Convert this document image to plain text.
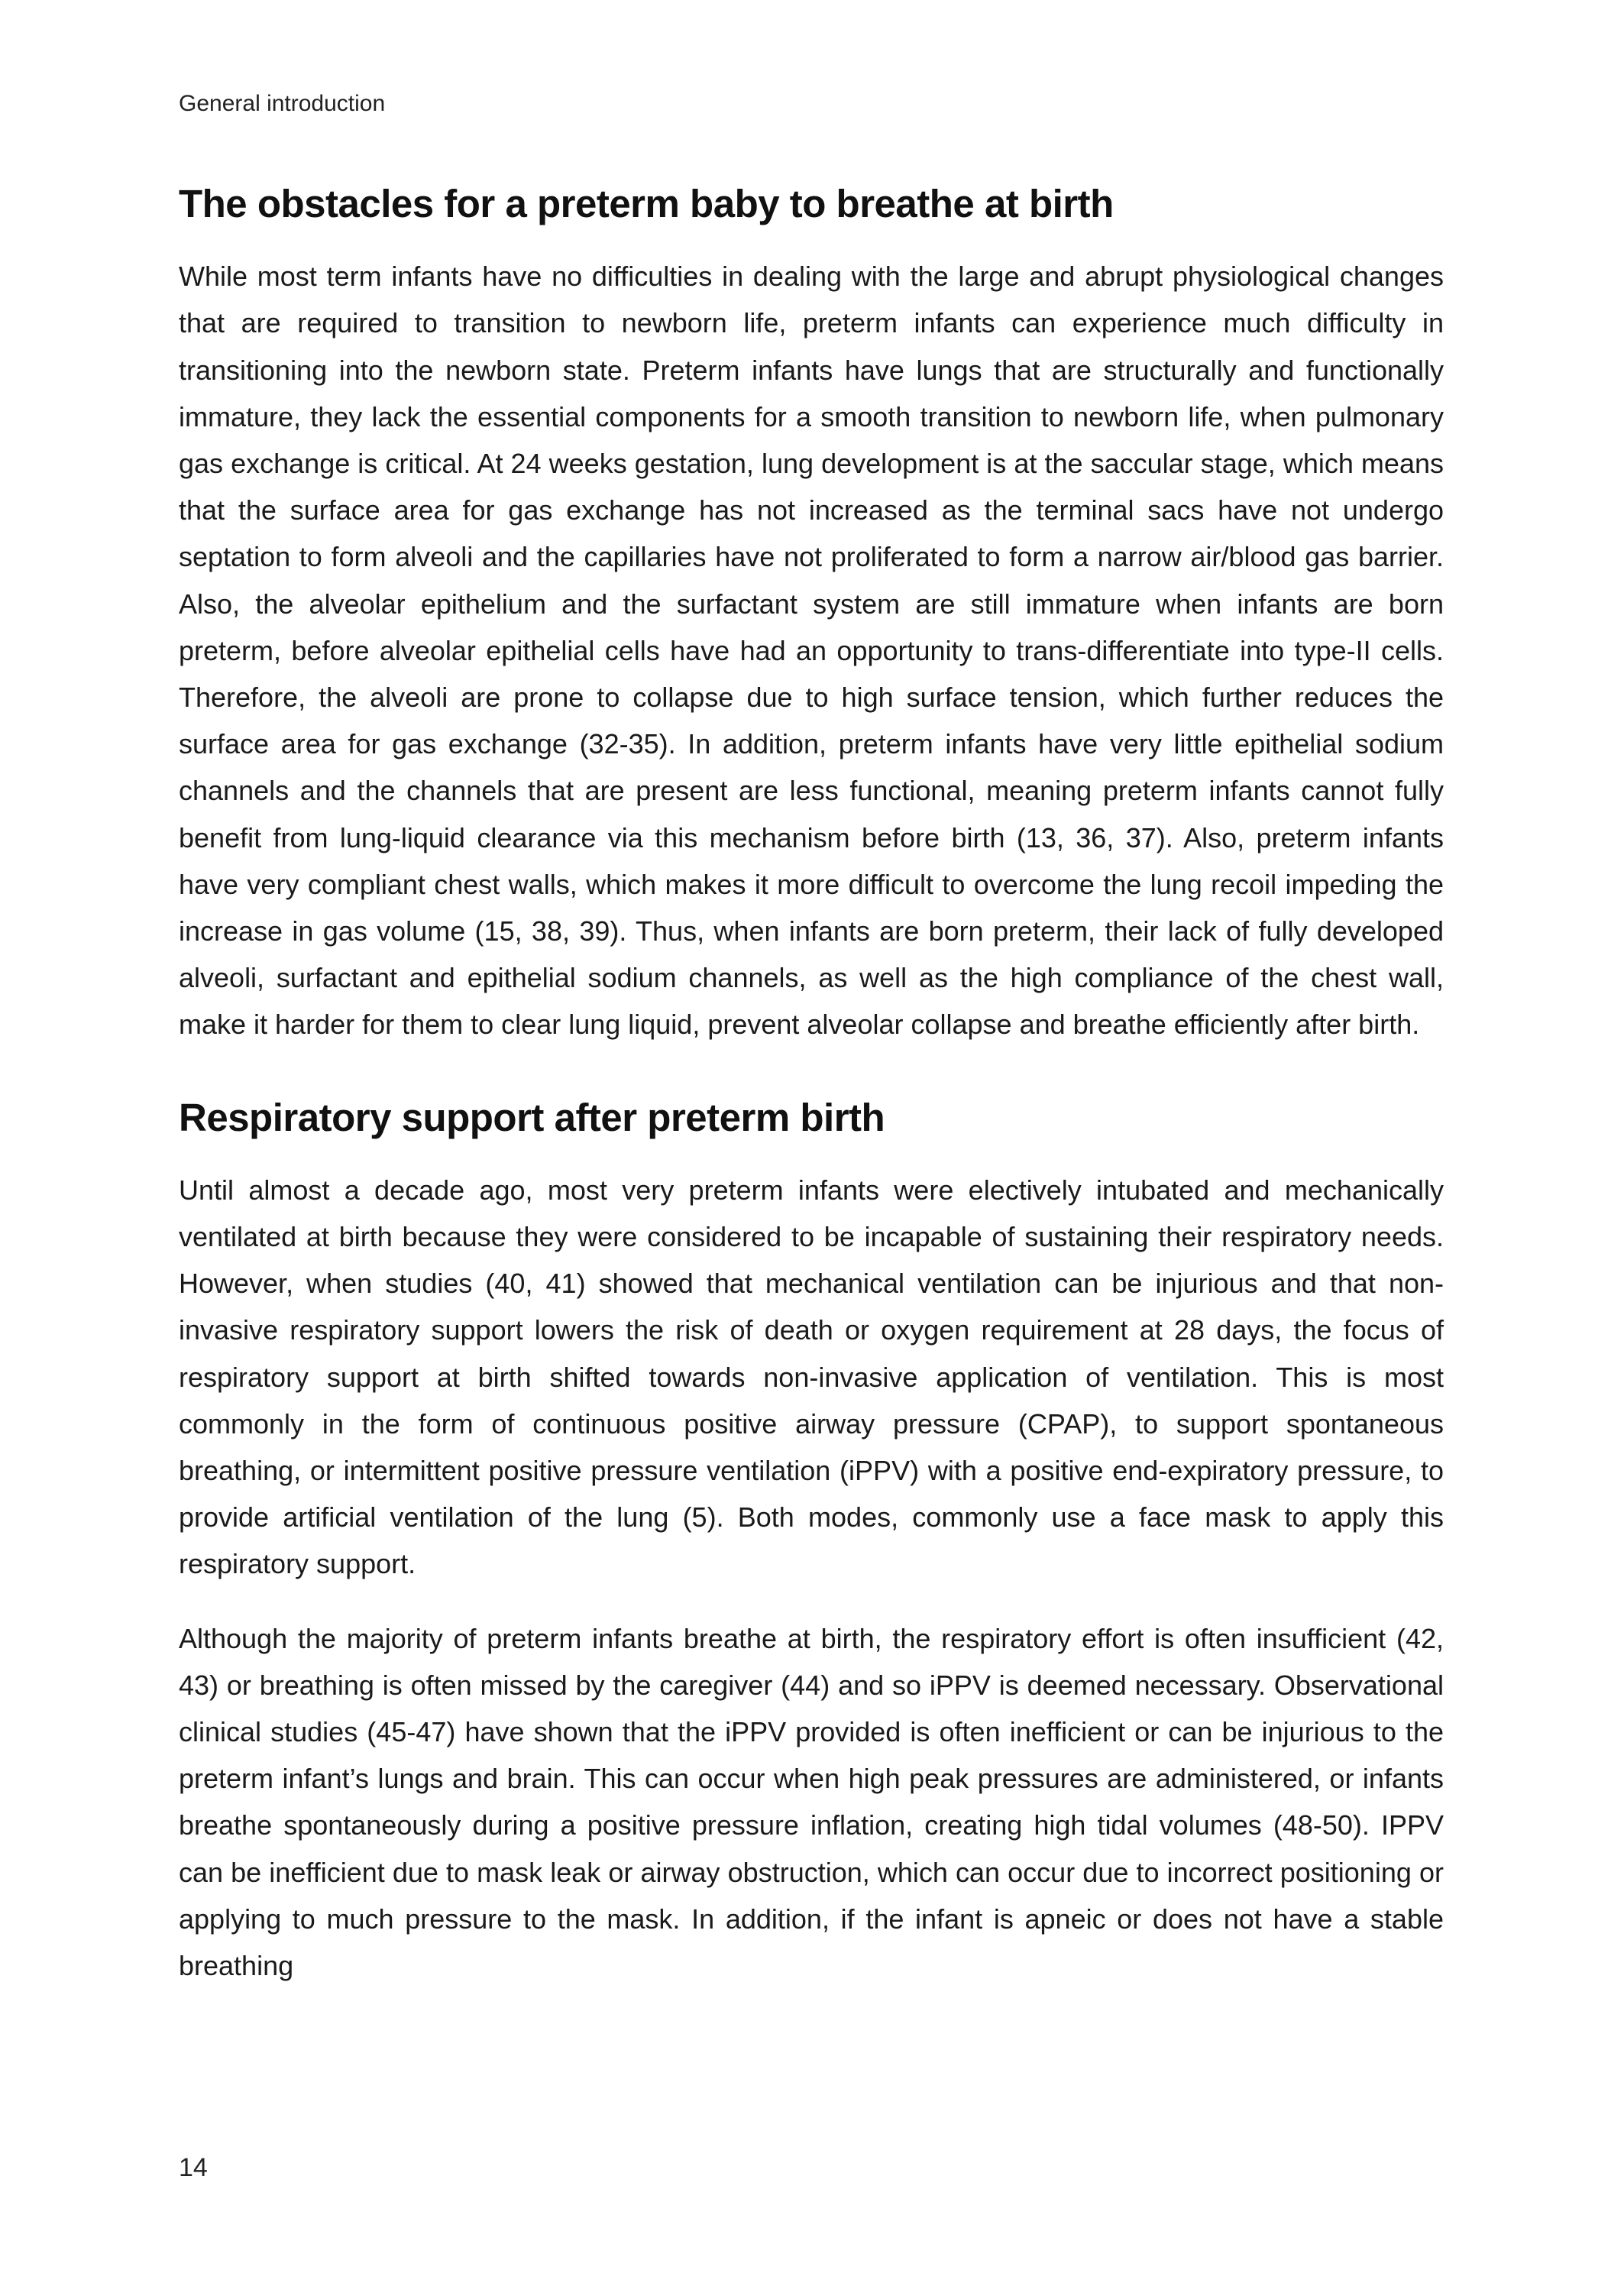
General introduction

The obstacles for a preterm baby to breathe at birth

While most term infants have no difficulties in dealing with the large and abrupt physiological changes that are required to transition to newborn life, preterm infants can experience much difficulty in transitioning into the newborn state. Preterm infants have lungs that are structurally and functionally immature, they lack the essential components for a smooth transition to newborn life, when pulmonary gas exchange is critical. At 24 weeks gestation, lung development is at the saccular stage, which means that the surface area for gas exchange has not increased as the terminal sacs have not undergo septation to form alveoli and the capillaries have not proliferated to form a narrow air/blood gas barrier. Also, the alveolar epithelium and the surfactant system are still immature when infants are born preterm, before alveolar epithelial cells have had an opportunity to trans-differentiate into type-II cells. Therefore, the alveoli are prone to collapse due to high surface tension, which further reduces the surface area for gas exchange (32-35). In addition, preterm infants have very little epithelial sodium channels and the channels that are present are less functional, meaning preterm infants cannot fully benefit from lung-liquid clearance via this mechanism before birth (13, 36, 37). Also, preterm infants have very compliant chest walls, which makes it more difficult to overcome the lung recoil impeding the increase in gas volume (15, 38, 39). Thus, when infants are born preterm, their lack of fully developed alveoli, surfactant and epithelial sodium channels, as well as the high compliance of the chest wall, make it harder for them to clear lung liquid, prevent alveolar collapse and breathe efficiently after birth.

Respiratory support after preterm birth

Until almost a decade ago, most very preterm infants were electively intubated and mechanically ventilated at birth because they were considered to be incapable of sustaining their respiratory needs. However, when studies (40, 41) showed that mechanical ventilation can be injurious and that non-invasive respiratory support lowers the risk of death or oxygen requirement at 28 days, the focus of respiratory support at birth shifted towards non-invasive application of ventilation. This is most commonly in the form of continuous positive airway pressure (CPAP), to support spontaneous breathing, or intermittent positive pressure ventilation (iPPV) with a positive end-expiratory pressure, to provide artificial ventilation of the lung (5). Both modes, commonly use a face mask to apply this respiratory support.

Although the majority of preterm infants breathe at birth, the respiratory effort is often insufficient (42, 43) or breathing is often missed by the caregiver (44) and so iPPV is deemed necessary. Observational clinical studies (45-47) have shown that the iPPV provided is often inefficient or can be injurious to the preterm infant’s lungs and brain. This can occur when high peak pressures are administered, or infants breathe spontaneously during a positive pressure inflation, creating high tidal volumes (48-50). IPPV can be inefficient due to mask leak or airway obstruction, which can occur due to incorrect positioning or applying to much pressure to the mask. In addition, if the infant is apneic or does not have a stable breathing

14
